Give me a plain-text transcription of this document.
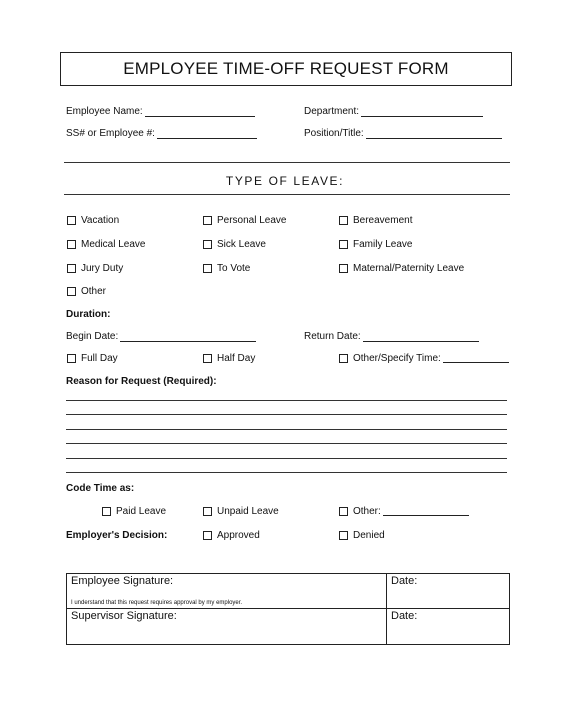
EMPLOYEE TIME-OFF REQUEST FORM
Employee Name:	Department:
SS# or Employee #:	Position/Title:
TYPE OF LEAVE:
Vacation	Personal Leave	Bereavement
Medical Leave	Sick Leave	Family Leave
Jury Duty	To Vote	Maternal/Paternity Leave
Other
Duration:
Begin Date:	Return Date:
Full Day	Half Day	Other/Specify Time:
Reason for Request (Required):
Code Time as:
Paid Leave	Unpaid Leave	Other:
Employer's Decision:	Approved	Denied
Employee Signature:	Date:
I understand that this request requires approval by my employer.
Supervisor Signature:	Date:
